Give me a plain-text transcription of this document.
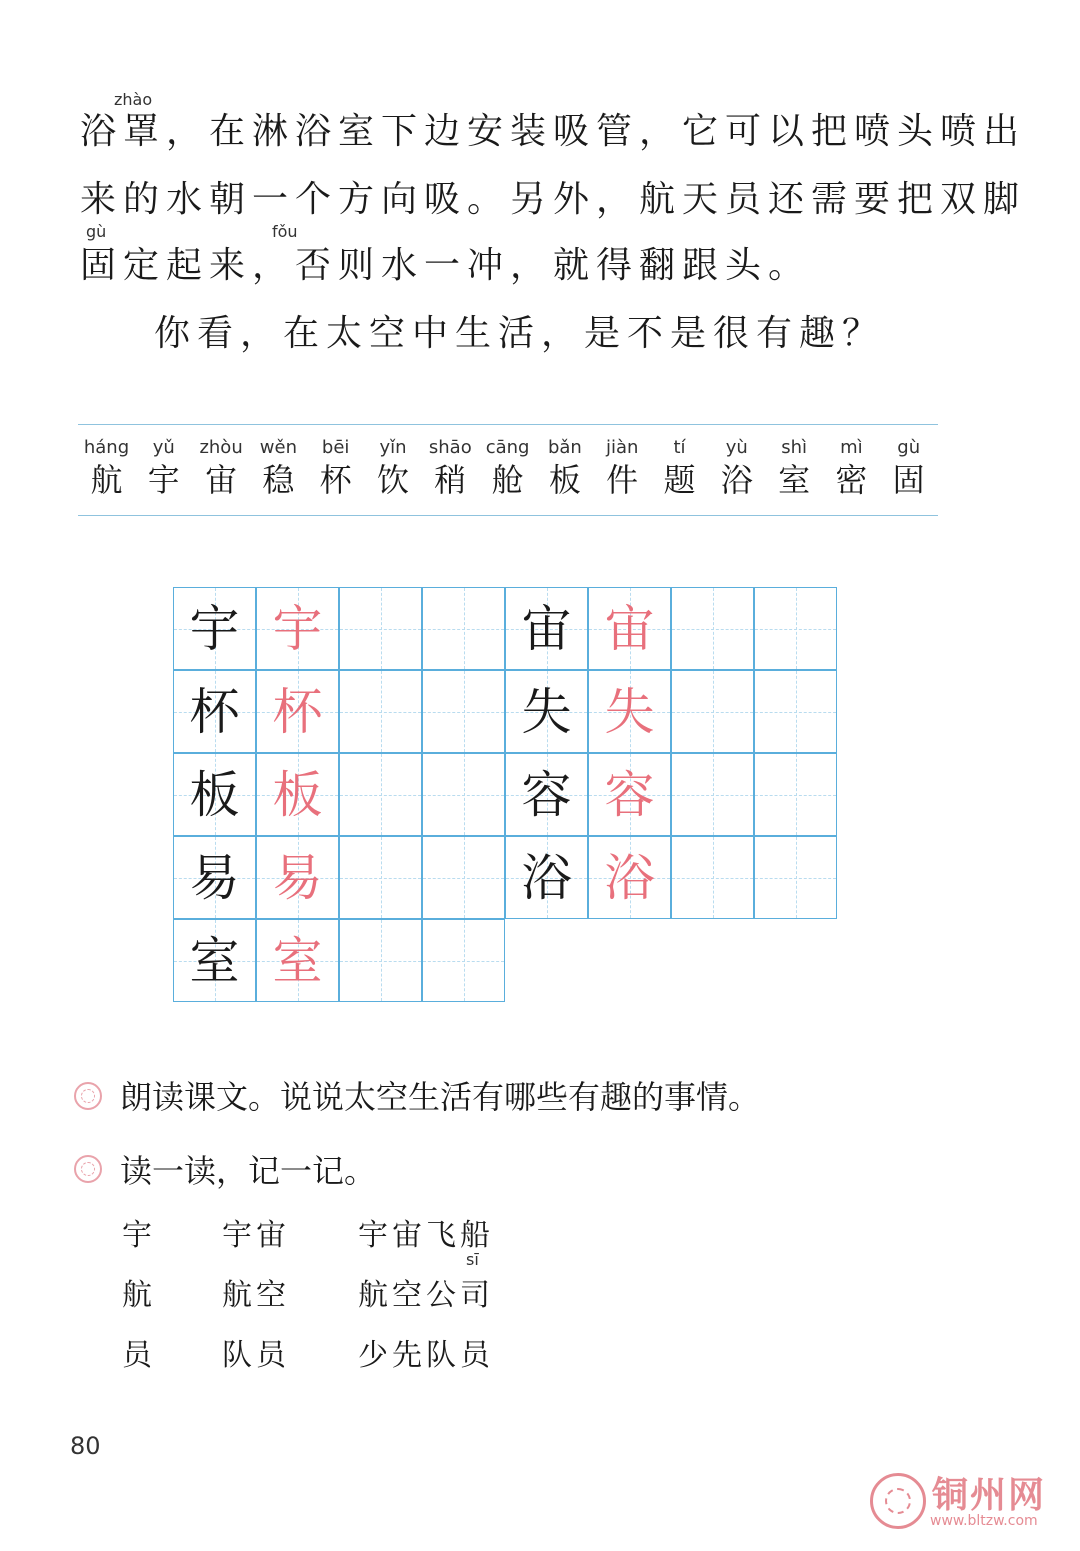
zhào
浴罩，在淋浴室下边安装吸管，它可以把喷头喷出
来的水朝一个方向吸。另外，航天员还需要把双脚
gù	fǒu
固定起来，否则水一冲，就得翻跟头。
你看，在太空中生活，是不是很有趣？
háng
航
yǔ
宇
zhòu
宙
wěn
稳
bēi
杯
yǐn
饮
shāo
稍
cāng
舱
bǎn
板
jiàn
件
tí
题
yù
浴
shì
室
mì
密
gù
固
宇 宇
杯 杯
板 板
易 易
室 室
宙 宙
失 失
容 容
浴 浴
朗读课文。说说太空生活有哪些有趣的事情。
读一读，记一记。
宇 宇宙 宇宙飞船
航 航空 航空公司
sī
员 队员 少先队员
80
铜州网
www.bltzw.com
